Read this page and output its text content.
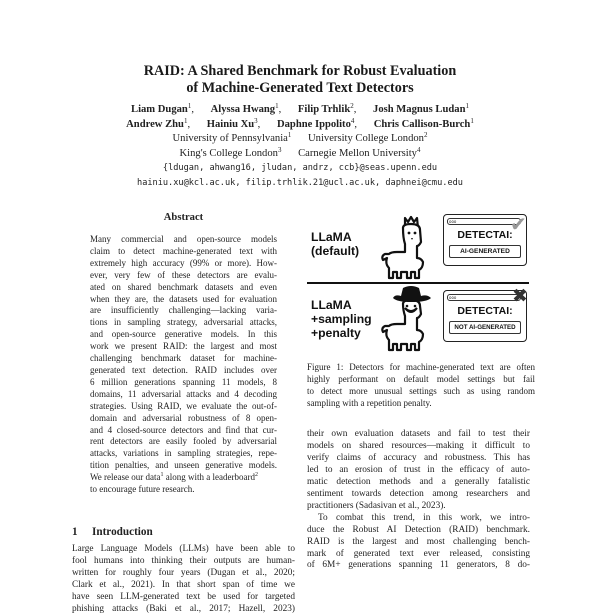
RAID: A Shared Benchmark for Robust Evaluation
of Machine-Generated Text Detectors
Liam Dugan$^1$, Alyssa Hwang$^1$, Filip Trhlik$^2$, Josh Magnus Ludan$^1$
Andrew Zhu$^1$, Hainiu Xu$^3$, Daphne Ippolito$^4$, Chris Callison-Burch$^1$
University of Pennsylvania$^1$ University College London$^2$
King's College London$^3$ Carnegie Mellon University$^4$
{ldugan, ahwang16, jludan, andrz, ccb}@seas.upenn.edu
hainiu.xu@kcl.ac.uk, filip.trhlik.21@ucl.ac.uk, daphnei@cmu.edu
Abstract
Many commercial and open-source models
claim to detect machine-generated text with
extremely high accuracy (99% or more). How-
ever, very few of these detectors are evalu-
ated on shared benchmark datasets and even
when they are, the datasets used for evaluation
are insufficiently challenging—lacking varia-
tions in sampling strategy, adversarial attacks,
and open-source generative models. In this
work we present RAID: the largest and most
challenging benchmark dataset for machine-
generated text detection. RAID includes over
6 million generations spanning 11 models, 8
domains, 11 adversarial attacks and 4 decoding
strategies. Using RAID, we evaluate the out-of-
domain and adversarial robustness of 8 open-
and 4 closed-source detectors and find that cur-
rent detectors are easily fooled by adversarial
attacks, variations in sampling strategies, repe-
tition penalties, and unseen generative models.
We release our data$^1$ along with a leaderboard$^2$
to encourage future research.
1 Introduction
Large Language Models (LLMs) have been able to
fool humans into thinking their outputs are human-
written for roughly four years (Dugan et al., 2020;
Clark et al., 2021). In that short span of time we
have seen LLM-generated text be used for targeted
phishing attacks (Baki et al., 2017; Hazell, 2023)
LLaMA
(default)
LLaMA
+sampling
+penalty
ooo
DETECTAI:
AI-GENERATED
✔
ooo
DETECTAI:
NOT AI-GENERATED
✖
Figure 1: Detectors for machine-generated text are often
highly performant on default model settings but fail
to detect more unusual settings such as using random
sampling with a repetition penalty.
their own evaluation datasets and fail to test their
models on shared resources—making it difficult to
verify claims of accuracy and robustness. This has
led to an erosion of trust in the efficacy of auto-
matic detection methods and a generally fatalistic
sentiment towards detection among researchers and
practitioners (Sadasivan et al., 2023).
To combat this trend, in this work, we intro-
duce the Robust AI Detection (RAID) benchmark.
RAID is the largest and most challenging bench-
mark of generated text ever released, consisting
of 6M+ generations spanning 11 generators, 8 do-
